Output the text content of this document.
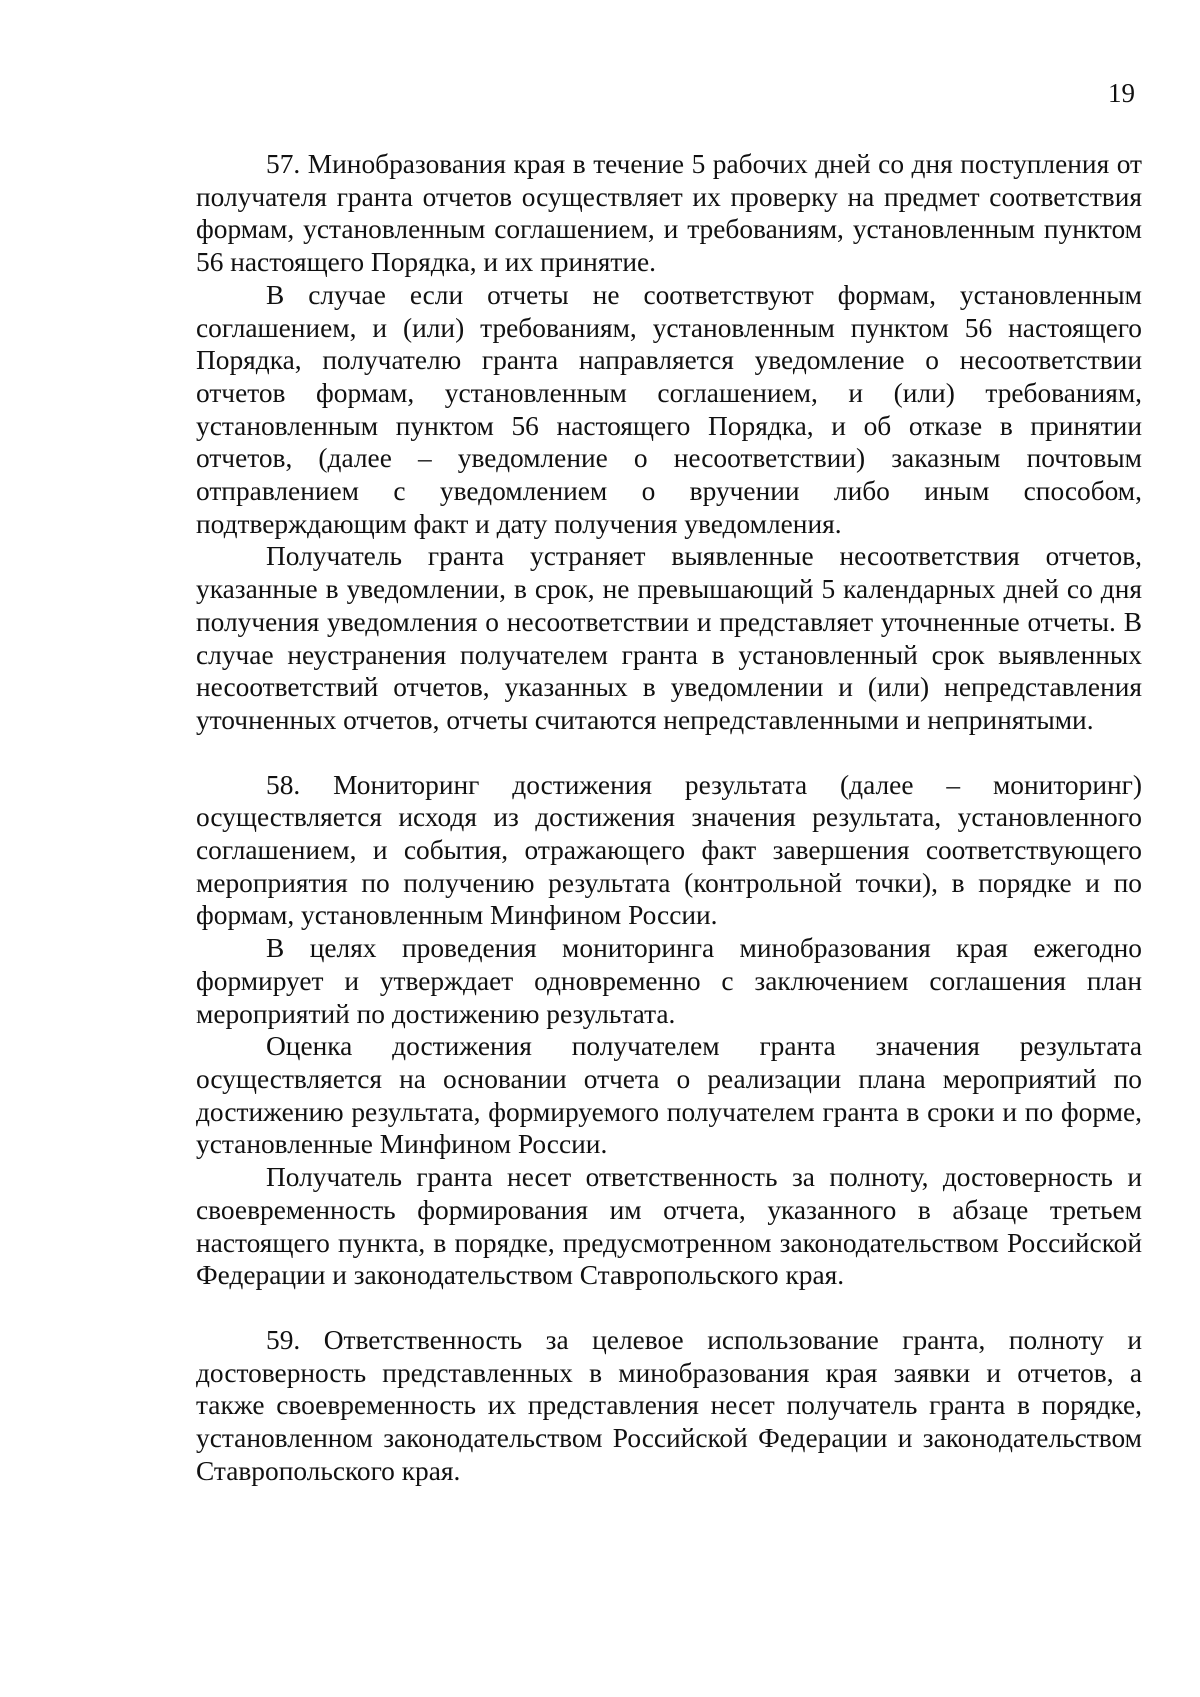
19

57. Минобразования края в течение 5 рабочих дней со дня поступления от получателя гранта отчетов осуществляет их проверку на предмет соответствия формам, установленным соглашением, и требованиям, установленным пунктом 56 настоящего Порядка, и их принятие.

В случае если отчеты не соответствуют формам, установленным соглашением, и (или) требованиям, установленным пунктом 56 настоящего Порядка, получателю гранта направляется уведомление о несоответствии отчетов формам, установленным соглашением, и (или) требованиям, установленным пунктом 56 настоящего Порядка, и об отказе в принятии отчетов, (далее – уведомление о несоответствии) заказным почтовым отправлением с уведомлением о вручении либо иным способом, подтверждающим факт и дату получения уведомления.

Получатель гранта устраняет выявленные несоответствия отчетов, указанные в уведомлении, в срок, не превышающий 5 календарных дней со дня получения уведомления о несоответствии и представляет уточненные отчеты. В случае неустранения получателем гранта в установленный срок выявленных несоответствий отчетов, указанных в уведомлении и (или) непредставления уточненных отчетов, отчеты считаются непредставленными и непринятыми.

58. Мониторинг достижения результата (далее – мониторинг) осуществляется исходя из достижения значения результата, установленного соглашением, и события, отражающего факт завершения соответствующего мероприятия по получению результата (контрольной точки), в порядке и по формам, установленным Минфином России.

В целях проведения мониторинга минобразования края ежегодно формирует и утверждает одновременно с заключением соглашения план мероприятий по достижению результата.

Оценка достижения получателем гранта значения результата осуществляется на основании отчета о реализации плана мероприятий по достижению результата, формируемого получателем гранта в сроки и по форме, установленные Минфином России.

Получатель гранта несет ответственность за полноту, достоверность и своевременность формирования им отчета, указанного в абзаце третьем настоящего пункта, в порядке, предусмотренном законодательством Российской Федерации и законодательством Ставропольского края.

59. Ответственность за целевое использование гранта, полноту и достоверность представленных в минобразования края заявки и отчетов, а также своевременность их представления несет получатель гранта в порядке, установленном законодательством Российской Федерации и законодательством Ставропольского края.
